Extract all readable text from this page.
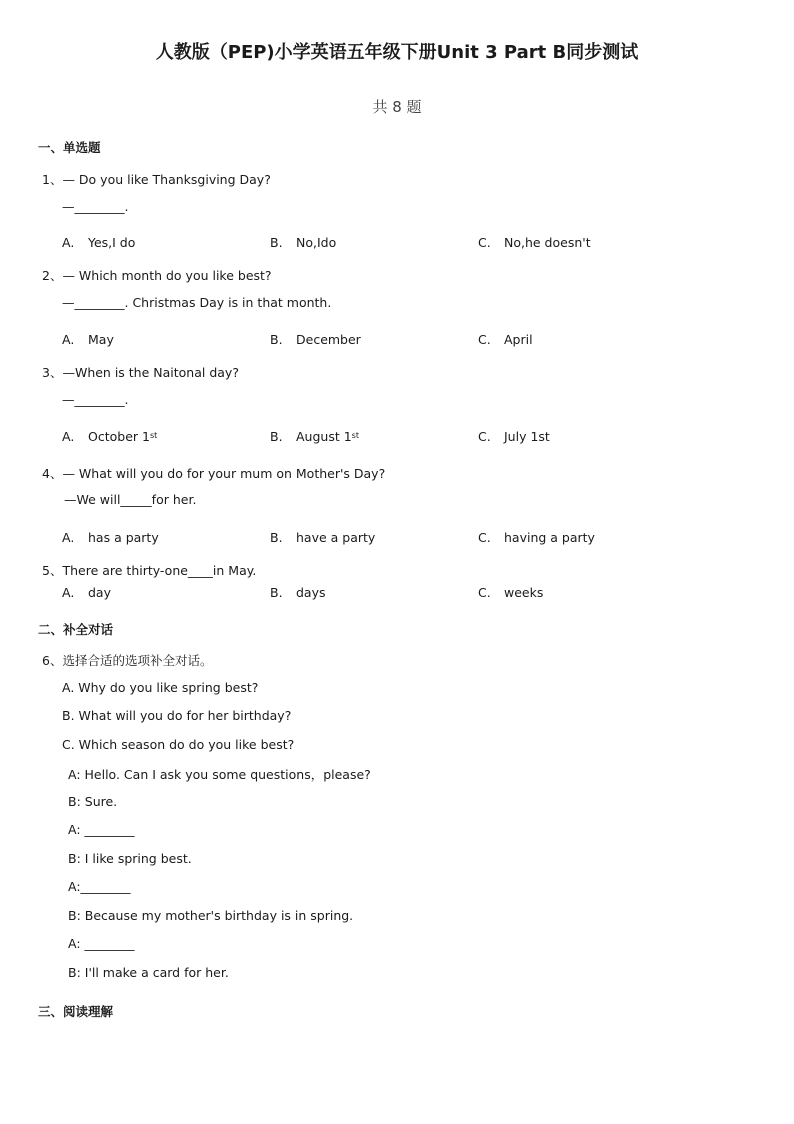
人教版（PEP)小学英语五年级下册Unit 3 Part B同步测试
共 8 题
一、单选题
1、— Do you like Thanksgiving Day?
—________.
A. Yes,I do	B. No,Ido	C. No,he doesn't
2、— Which month do you like best?
—________. Christmas Day is in that month.
A. May	B. December	C. April
3、—When is the Naitonal day?
—________.
A. October 1st	B. August 1st	C. July 1st
4、— What will you do for your mum on Mother's Day?
—We will_____for her.
A. has a party	B. have a party	C. having a party
5、There are thirty-one____in May.
A. day	B. days	C. weeks
二、补全对话
6、选择合适的选项补全对话。
A. Why do you like spring best?
B. What will you do for her birthday?
C. Which season do do you like best?
A: Hello. Can I ask you some questions，please?
B: Sure.
A: ________
B: I like spring best.
A:________
B: Because my mother's birthday is in spring.
A: ________
B: I'll make a card for her.
三、阅读理解
